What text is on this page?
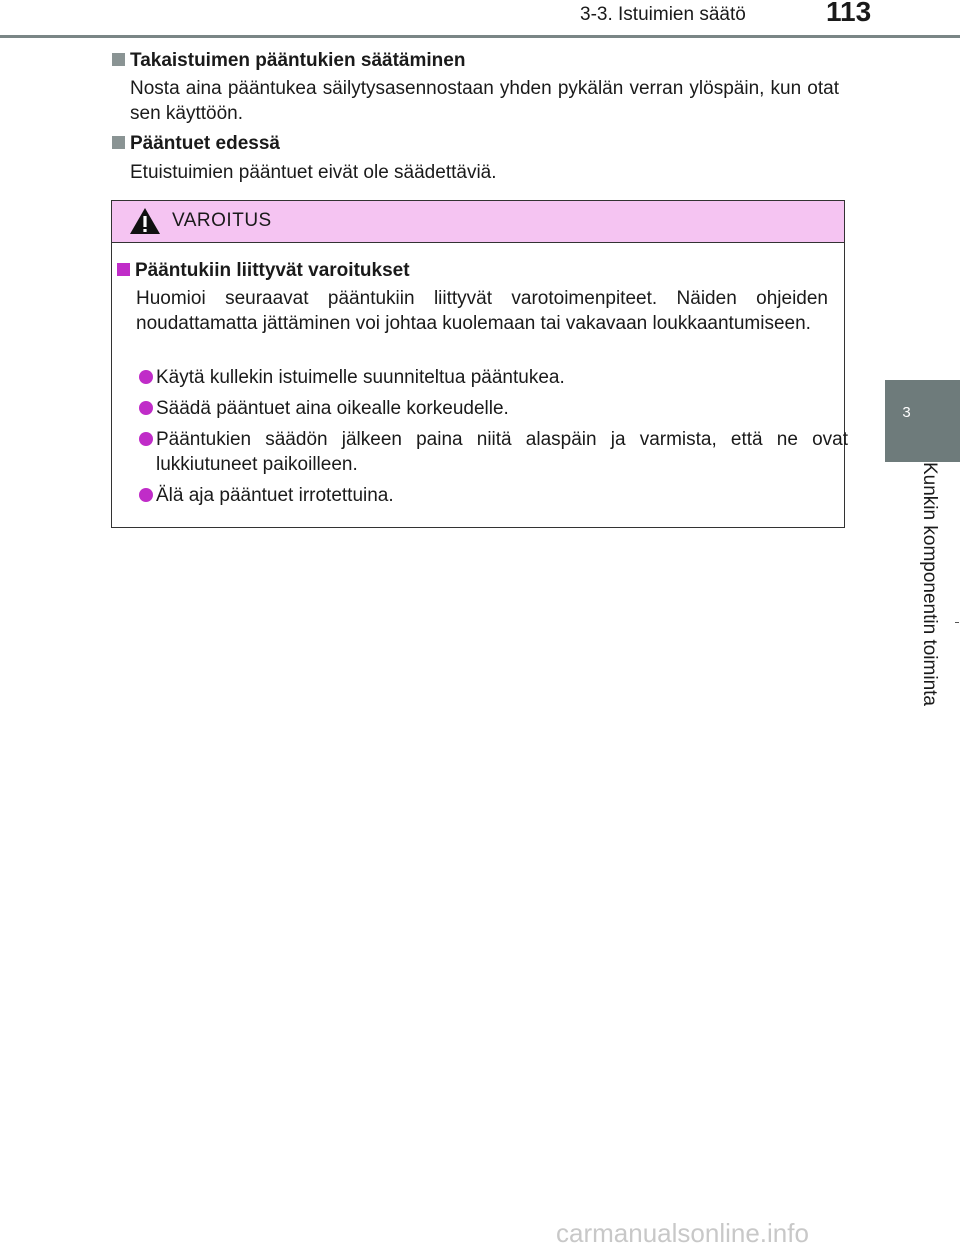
3-3. Istuimien säätö	113
3
Kunkin komponentin toiminta
Takaistuimen pääntukien säätäminen
Nosta aina pääntukea säilytysasennostaan yhden pykälän verran ylöspäin, kun otat sen käyttöön.
Pääntuet edessä
Etuistuimien pääntuet eivät ole säädettäviä.
VAROITUS
Pääntukiin liittyvät varoitukset
Huomioi seuraavat pääntukiin liittyvät varotoimenpiteet. Näiden ohjeiden noudattamatta jättäminen voi johtaa kuolemaan tai vakavaan loukkaantumiseen.
Käytä kullekin istuimelle suunniteltua pääntukea.
Säädä pääntuet aina oikealle korkeudelle.
Pääntukien säädön jälkeen paina niitä alaspäin ja varmista, että ne ovat lukkiutuneet paikoilleen.
Älä aja pääntuet irrotettuina.
carmanualsonline.info
